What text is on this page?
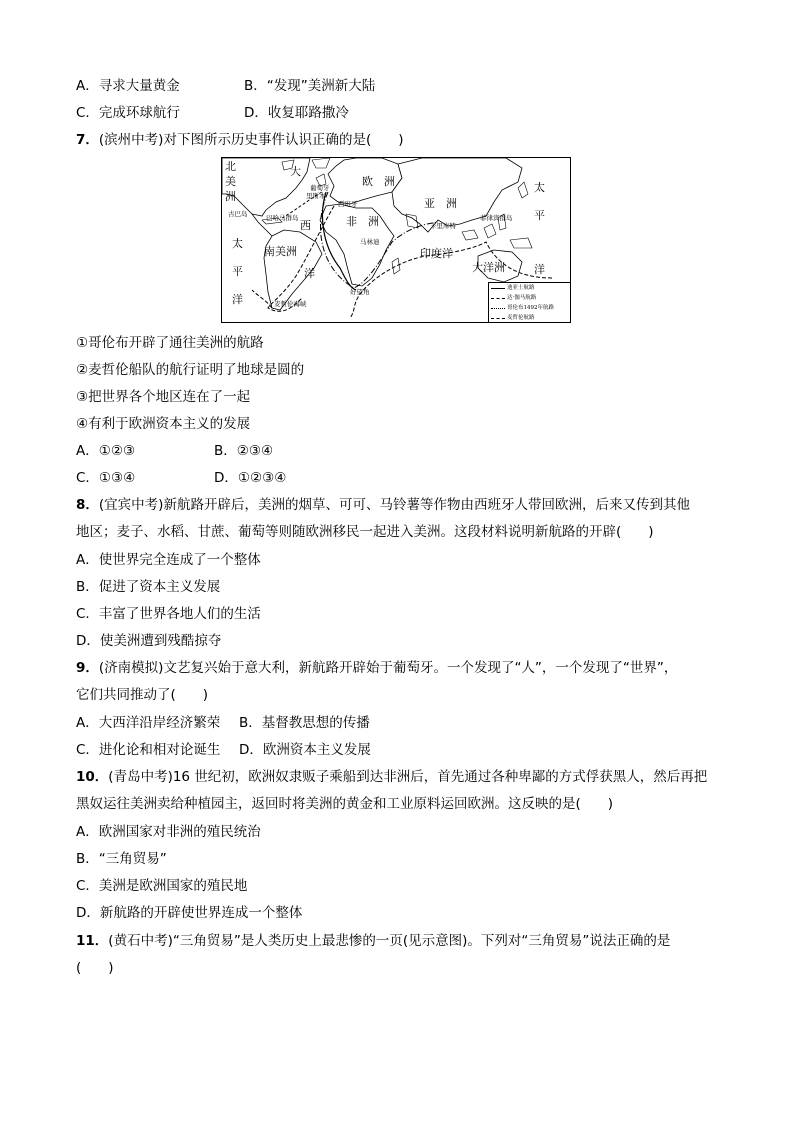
A．寻求大量黄金	B．“发现”美洲新大陆
C．完成环球航行	D．收复耶路撒冷
7．(滨州中考)对下图所示历史事件认识正确的是(　　)
北
美
洲
大
西
洋
欧　洲
亚　洲
非　洲
南美洲	印度洋
大洋洲
太
平
洋
太
平
洋
葡萄牙
里斯本
西班牙
古巴岛	巴哈马群岛
马林迪
卡里库特
菲律宾群岛
好望角
麦哲伦海峡
迪亚士航路
达·伽马航路
哥伦布1492年航路
麦哲伦航路
①哥伦布开辟了通往美洲的航路
②麦哲伦船队的航行证明了地球是圆的
③把世界各个地区连在了一起
④有利于欧洲资本主义的发展
A．①②③	B．②③④
C．①③④	D．①②③④
8．(宜宾中考)新航路开辟后，美洲的烟草、可可、马铃薯等作物由西班牙人带回欧洲，后来又传到其他
地区；麦子、水稻、甘蔗、葡萄等则随欧洲移民一起进入美洲。这段材料说明新航路的开辟(　　)
A．使世界完全连成了一个整体
B．促进了资本主义发展
C．丰富了世界各地人们的生活
D．使美洲遭到残酷掠夺
9．(济南模拟)文艺复兴始于意大利，新航路开辟始于葡萄牙。一个发现了“人”，一个发现了“世界”，
它们共同推动了(　　)
A．大西洋沿岸经济繁荣 B．基督教思想的传播
C．进化论和相对论诞生 D．欧洲资本主义发展
10．(青岛中考)16 世纪初，欧洲奴隶贩子乘船到达非洲后，首先通过各种卑鄙的方式俘获黑人，然后再把
黑奴运往美洲卖给种植园主，返回时将美洲的黄金和工业原料运回欧洲。这反映的是(　　)
A．欧洲国家对非洲的殖民统治
B．“三角贸易”
C．美洲是欧洲国家的殖民地
D．新航路的开辟使世界连成一个整体
11．(黄石中考)“三角贸易”是人类历史上最悲惨的一页(见示意图)。下列对“三角贸易”说法正确的是
(　　)
